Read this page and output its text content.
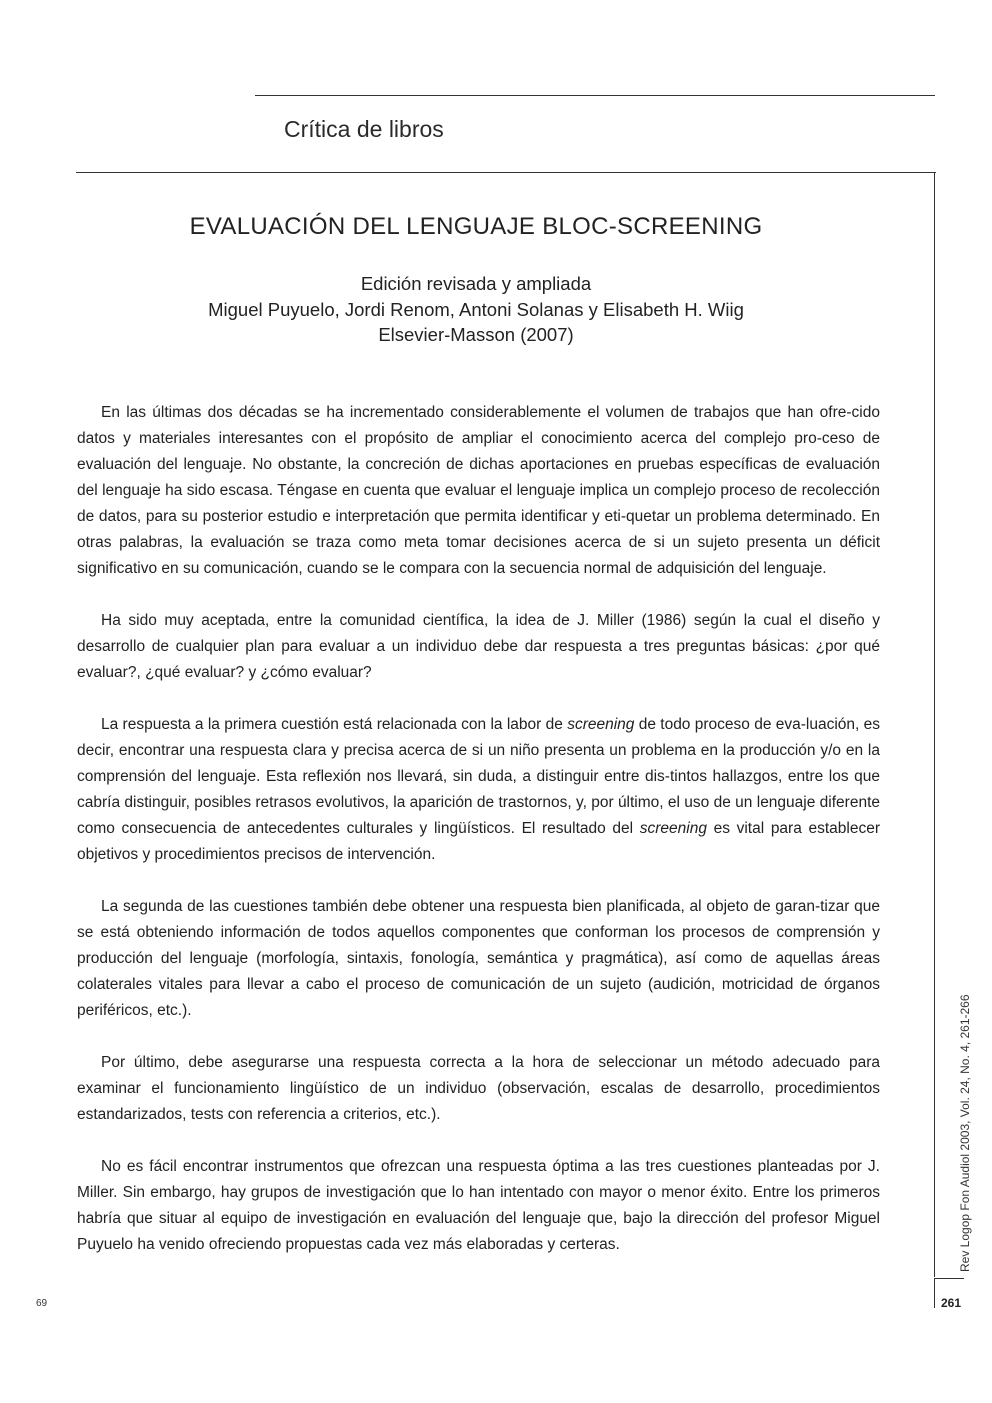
Crítica de libros
EVALUACIÓN DEL LENGUAJE BLOC-SCREENING
Edición revisada y ampliada
Miguel Puyuelo, Jordi Renom, Antoni Solanas y Elisabeth H. Wiig
Elsevier-Masson (2007)

En las últimas dos décadas se ha incrementado considerablemente el volumen de trabajos que han ofre-cido datos y materiales interesantes con el propósito de ampliar el conocimiento acerca del complejo pro-ceso de evaluación del lenguaje. No obstante, la concreción de dichas aportaciones en pruebas específicas de evaluación del lenguaje ha sido escasa. Téngase en cuenta que evaluar el lenguaje implica un complejo proceso de recolección de datos, para su posterior estudio e interpretación que permita identificar y eti-quetar un problema determinado. En otras palabras, la evaluación se traza como meta tomar decisiones acerca de si un sujeto presenta un déficit significativo en su comunicación, cuando se le compara con la secuencia normal de adquisición del lenguaje.

Ha sido muy aceptada, entre la comunidad científica, la idea de J. Miller (1986) según la cual el diseño y desarrollo de cualquier plan para evaluar a un individuo debe dar respuesta a tres preguntas básicas: ¿por qué evaluar?, ¿qué evaluar? y ¿cómo evaluar?

La respuesta a la primera cuestión está relacionada con la labor de screening de todo proceso de eva-luación, es decir, encontrar una respuesta clara y precisa acerca de si un niño presenta un problema en la producción y/o en la comprensión del lenguaje. Esta reflexión nos llevará, sin duda, a distinguir entre dis-tintos hallazgos, entre los que cabría distinguir, posibles retrasos evolutivos, la aparición de trastornos, y, por último, el uso de un lenguaje diferente como consecuencia de antecedentes culturales y lingüísticos. El resultado del screening es vital para establecer objetivos y procedimientos precisos de intervención.

La segunda de las cuestiones también debe obtener una respuesta bien planificada, al objeto de garan-tizar que se está obteniendo información de todos aquellos componentes que conforman los procesos de comprensión y producción del lenguaje (morfología, sintaxis, fonología, semántica y pragmática), así como de aquellas áreas colaterales vitales para llevar a cabo el proceso de comunicación de un sujeto (audición, motricidad de órganos periféricos, etc.).

Por último, debe asegurarse una respuesta correcta a la hora de seleccionar un método adecuado para examinar el funcionamiento lingüístico de un individuo (observación, escalas de desarrollo, procedimientos estandarizados, tests con referencia a criterios, etc.).

No es fácil encontrar instrumentos que ofrezcan una respuesta óptima a las tres cuestiones planteadas por J. Miller. Sin embargo, hay grupos de investigación que lo han intentado con mayor o menor éxito. Entre los primeros habría que situar al equipo de investigación en evaluación del lenguaje que, bajo la dirección del profesor Miguel Puyuelo ha venido ofreciendo propuestas cada vez más elaboradas y certeras.	Rev Logop Fon Audiol 2003, Vol. 24, No. 4, 261-266
69	261
